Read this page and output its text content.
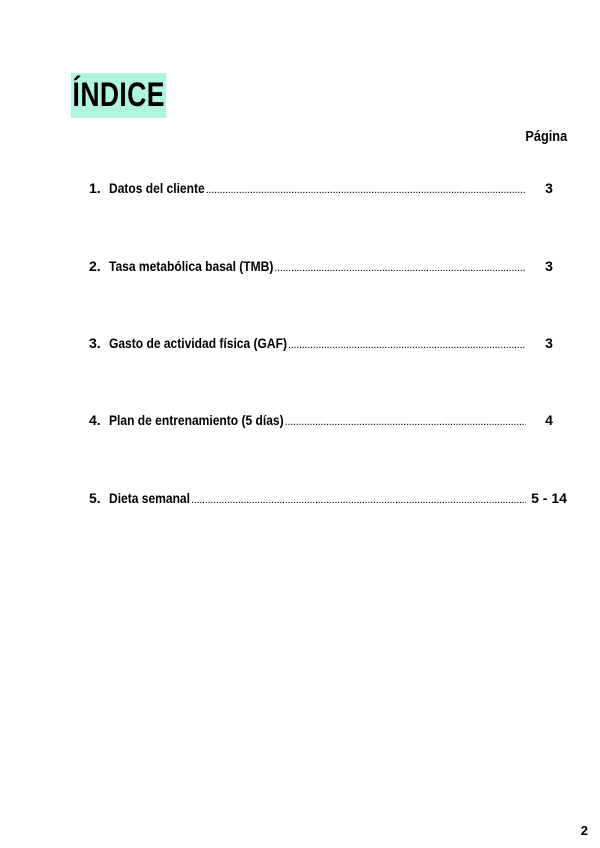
ÍNDICE
Página
1. Datos del cliente .....	3
2. Tasa metabólica basal (TMB) .....	3
3. Gasto de actividad física (GAF) .....	3
4. Plan de entrenamiento (5 días) .....	4
5. Dieta semanal .....	5 - 14
2
